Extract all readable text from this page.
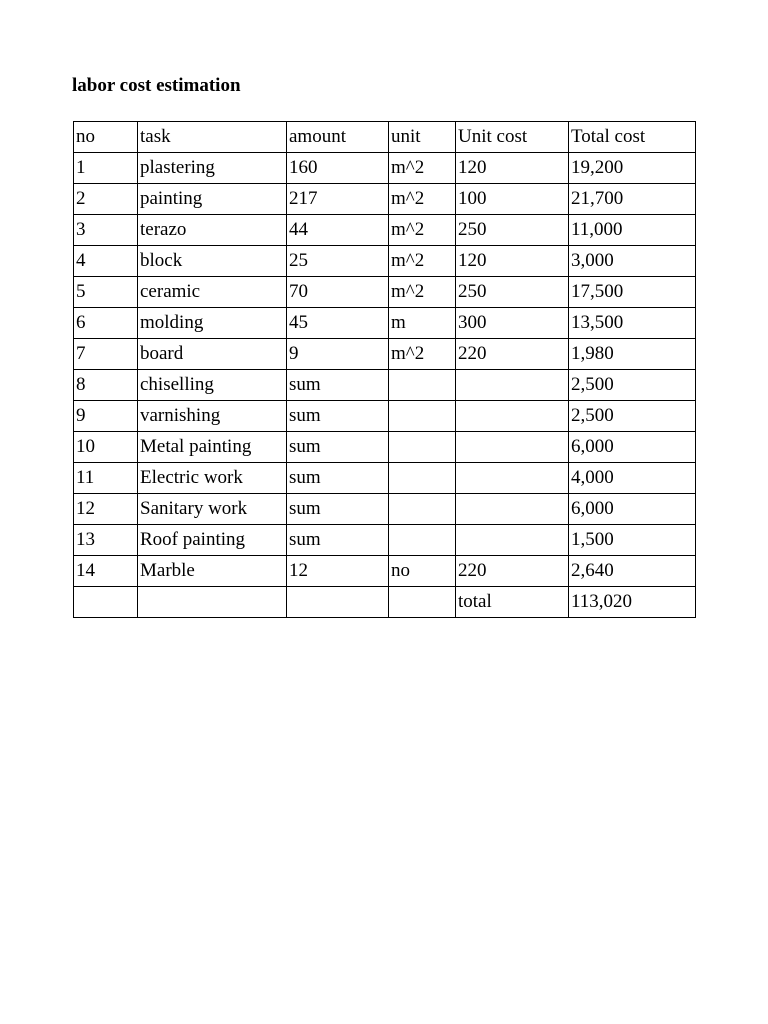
labor cost estimation
no	task	amount	unit	Unit cost	Total cost
1	plastering	160	m^2	120	19,200
2	painting	217	m^2	100	21,700
3	terazo	44	m^2	250	11,000
4	block	25	m^2	120	3,000
5	ceramic	70	m^2	250	17,500
6	molding	45	m	300	13,500
7	board	9	m^2	220	1,980
8	chiselling	sum			2,500
9	varnishing	sum			2,500
10	Metal painting	sum			6,000
11	Electric work	sum			4,000
12	Sanitary work	sum			6,000
13	Roof painting	sum			1,500
14	Marble	12	no	220	2,640
				total	113,020
